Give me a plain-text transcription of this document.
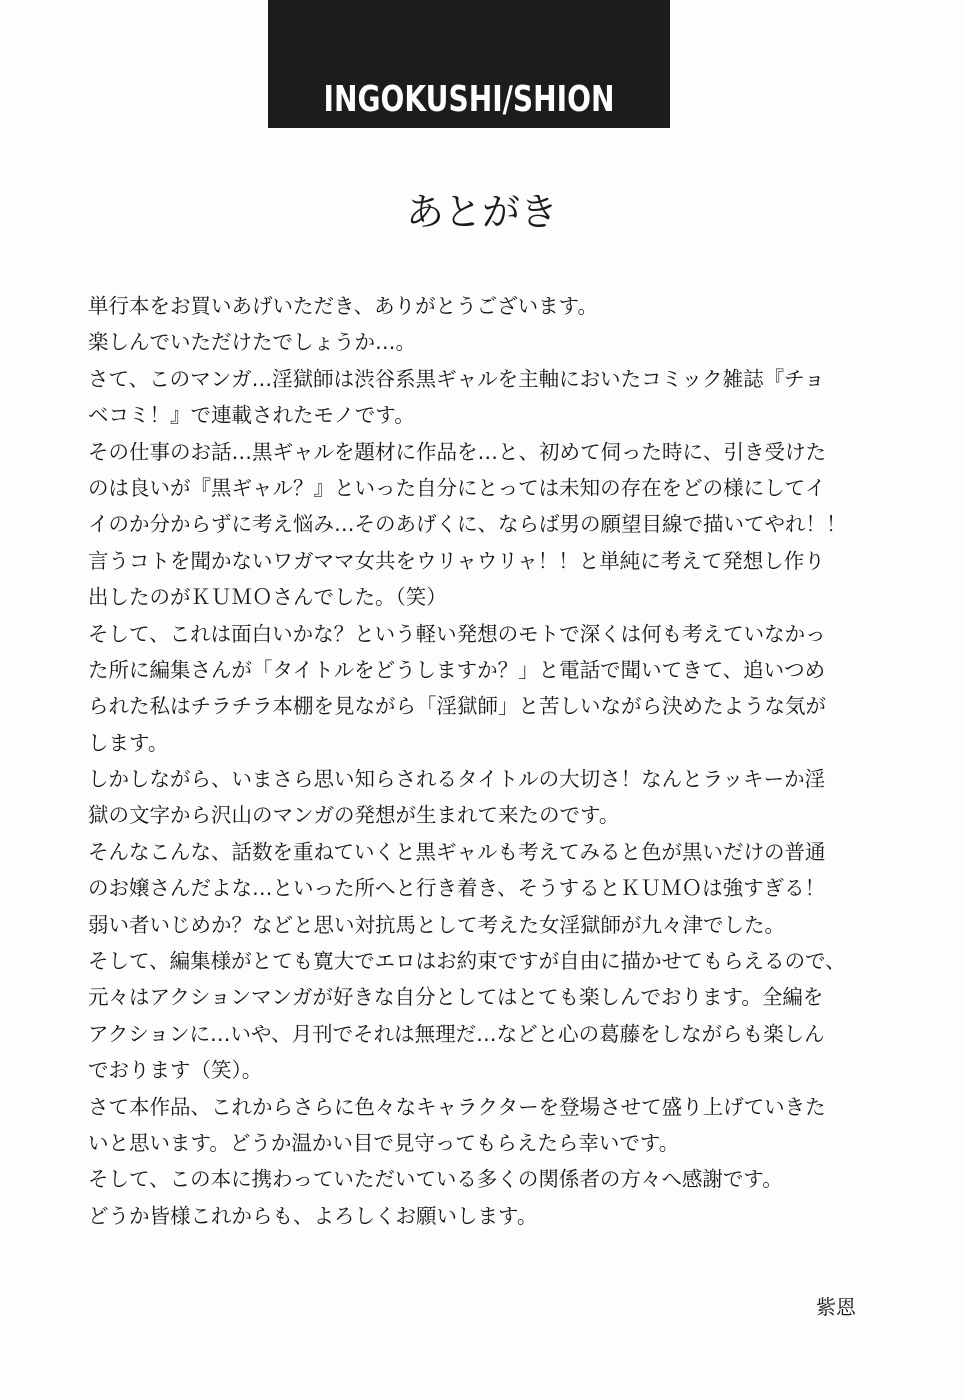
INGOKUSHI/SHION
あとがき
単行本をお買いあげいただき、ありがとうございます。
楽しんでいただけたでしょうか…。
さて、このマンガ…淫獄師は渋谷系黒ギャルを主軸においたコミック雑誌『チョ
ベコミ！』で連載されたモノです。
その仕事のお話…黒ギャルを題材に作品を…と、初めて伺った時に、引き受けた
のは良いが『黒ギャル？』といった自分にとっては未知の存在をどの様にしてイ
イのか分からずに考え悩み…そのあげくに、ならば男の願望目線で描いてやれ！！
言うコトを聞かないワガママ女共をウリャウリャ！！と単純に考えて発想し作り
出したのがＫＵＭＯさんでした。（笑）
そして、これは面白いかな？という軽い発想のモトで深くは何も考えていなかっ
た所に編集さんが「タイトルをどうしますか？」と電話で聞いてきて、追いつめ
られた私はチラチラ本棚を見ながら「淫獄師」と苦しいながら決めたような気が
します。
しかしながら、いまさら思い知らされるタイトルの大切さ！なんとラッキーか淫
獄の文字から沢山のマンガの発想が生まれて来たのです。
そんなこんな、話数を重ねていくと黒ギャルも考えてみると色が黒いだけの普通
のお嬢さんだよな…といった所へと行き着き、そうするとＫＵＭＯは強すぎる！
弱い者いじめか？などと思い対抗馬として考えた女淫獄師が九々津でした。
そして、編集様がとても寛大でエロはお約束ですが自由に描かせてもらえるので、
元々はアクションマンガが好きな自分としてはとても楽しんでおります。全編を
アクションに…いや、月刊でそれは無理だ…などと心の葛藤をしながらも楽しん
でおります（笑）。
さて本作品、これからさらに色々なキャラクターを登場させて盛り上げていきた
いと思います。どうか温かい目で見守ってもらえたら幸いです。
そして、この本に携わっていただいている多くの関係者の方々へ感謝です。
どうか皆様これからも、よろしくお願いします。
紫恩
